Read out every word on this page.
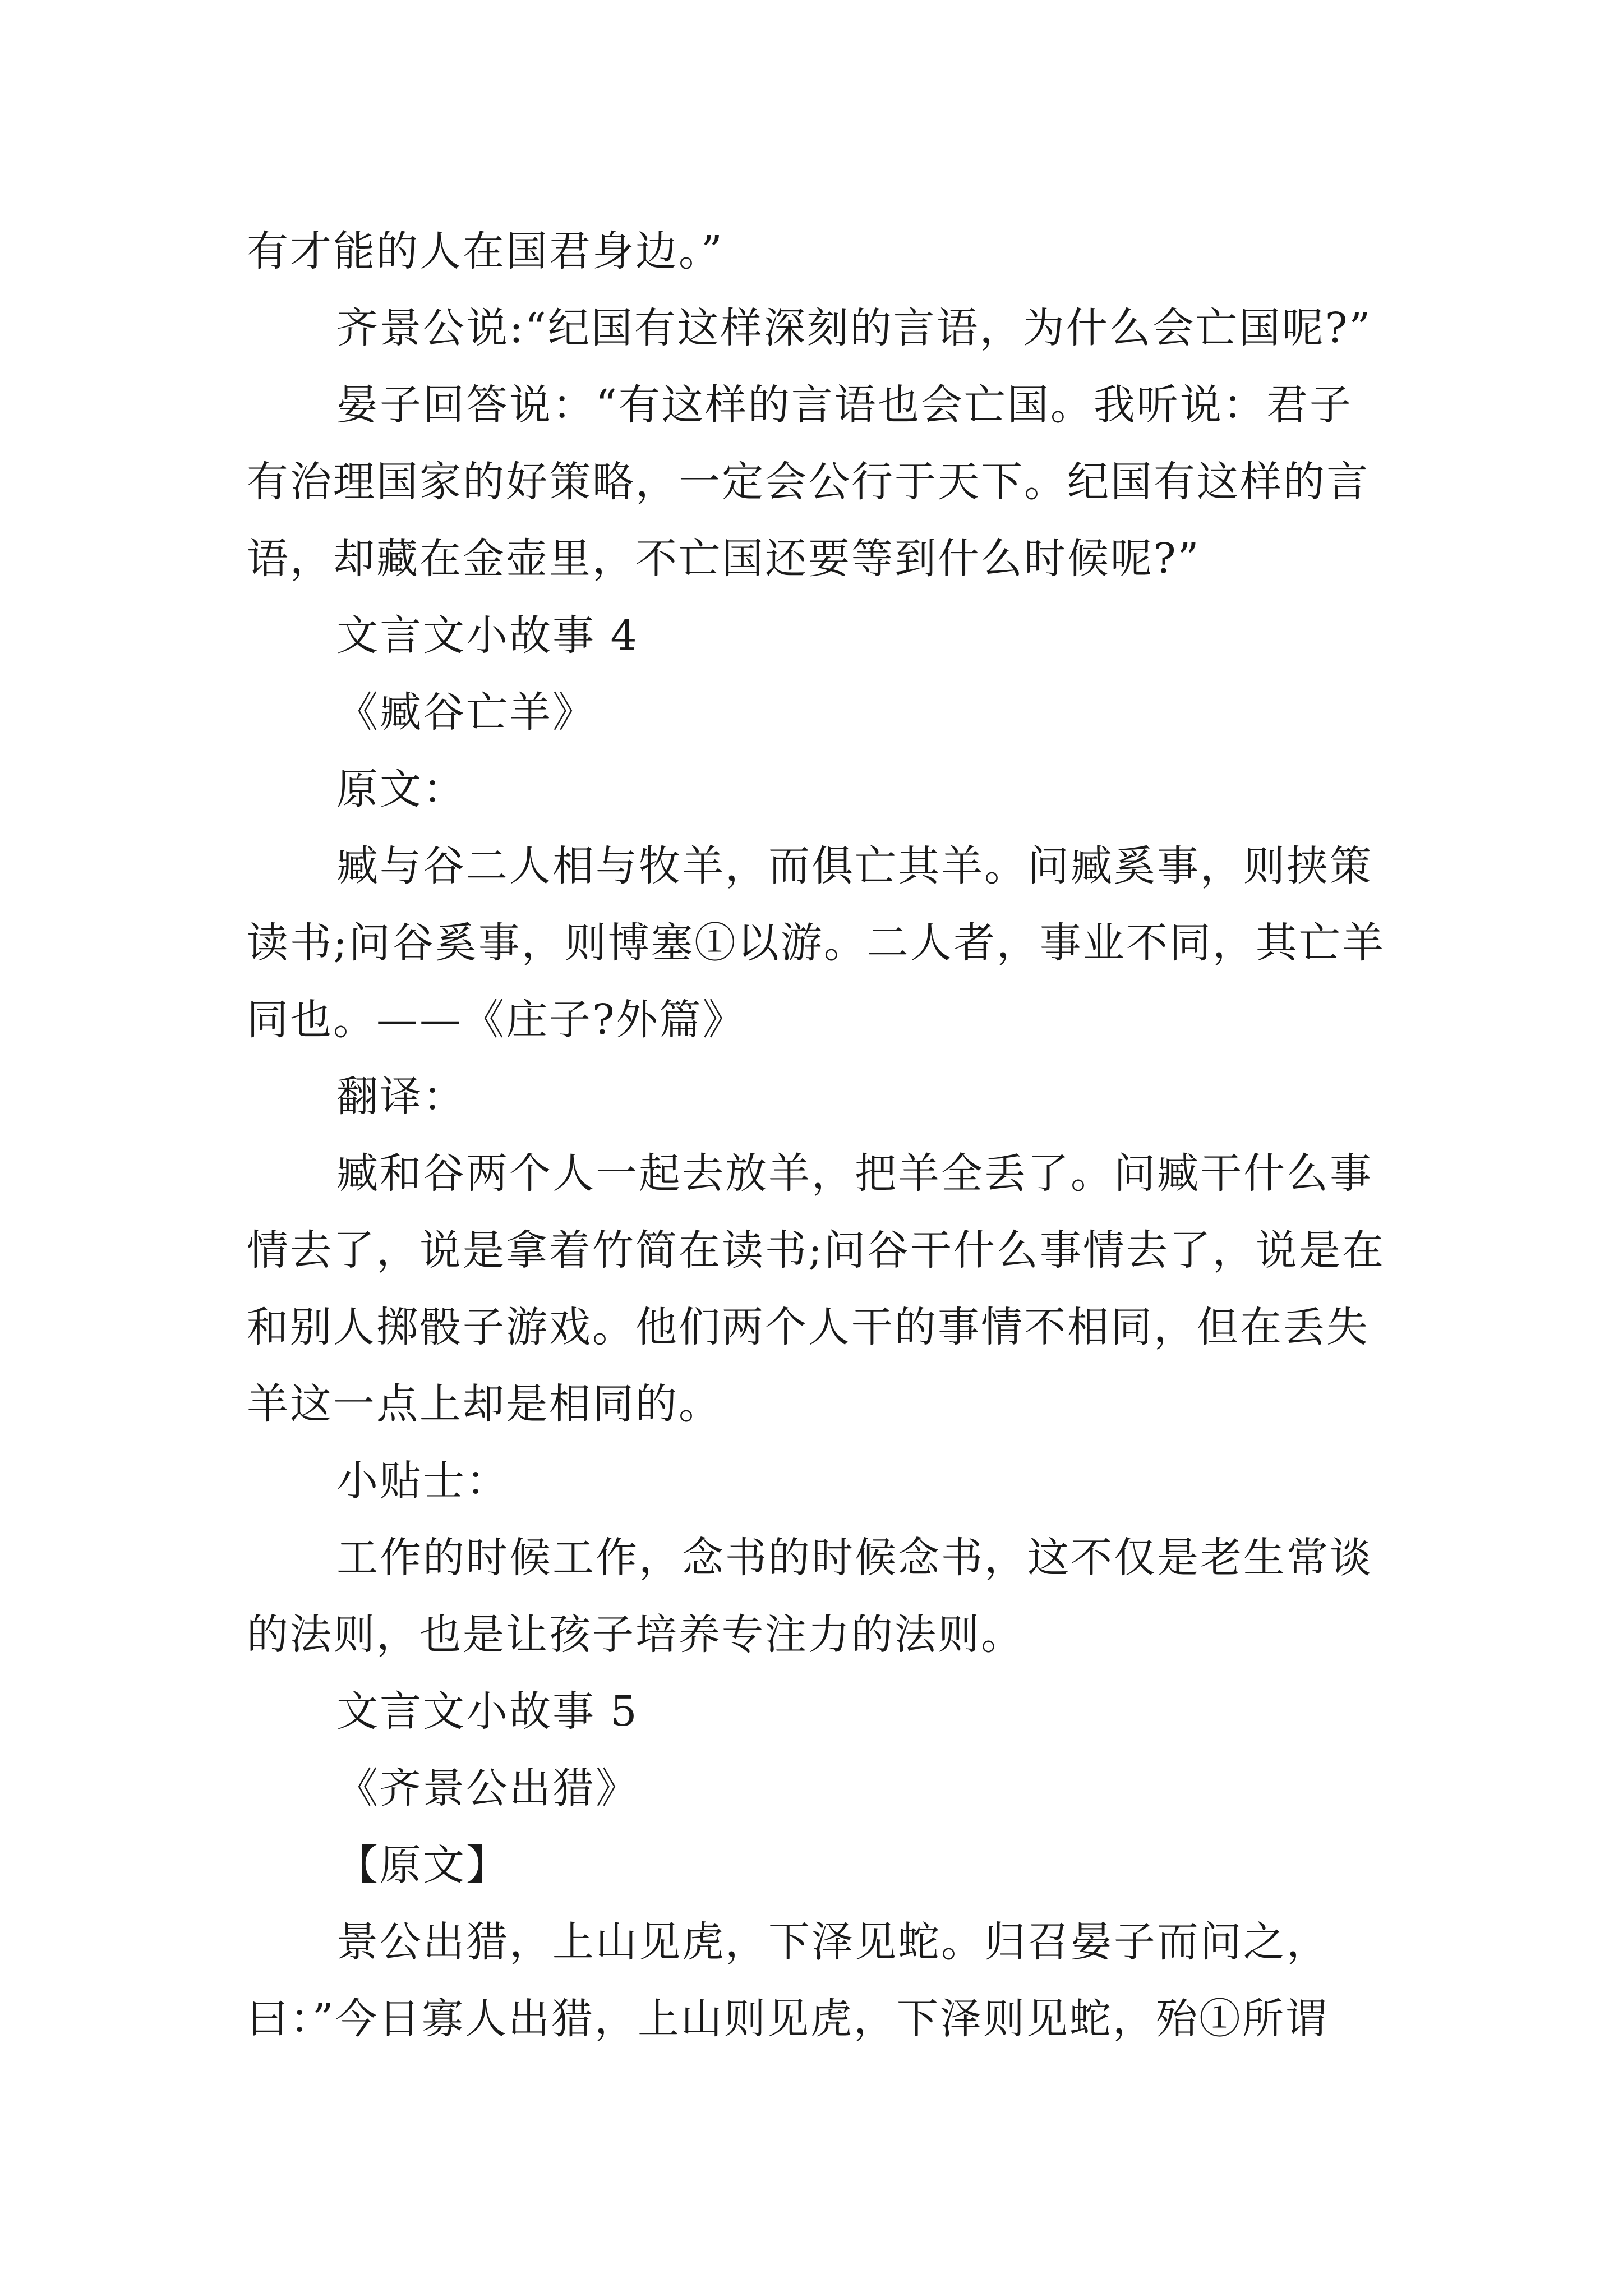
有才能的人在国君身边。”

齐景公说:“纪国有这样深刻的言语，为什么会亡国呢?”

晏子回答说：“有这样的言语也会亡国。我听说：君子有治理国家的好策略，一定会公行于天下。纪国有这样的言语，却藏在金壶里，不亡国还要等到什么时候呢?”

文言文小故事 4

《臧谷亡羊》

原文：

臧与谷二人相与牧羊，而俱亡其羊。问臧奚事，则挟策读书;问谷奚事，则博塞①以游。二人者，事业不同，其亡羊同也。——《庄子?外篇》

翻译：

臧和谷两个人一起去放羊，把羊全丢了。问臧干什么事情去了，说是拿着竹简在读书;问谷干什么事情去了，说是在和别人掷骰子游戏。他们两个人干的事情不相同，但在丢失羊这一点上却是相同的。

小贴士：

工作的时候工作，念书的时候念书，这不仅是老生常谈的法则，也是让孩子培养专注力的法则。

文言文小故事 5

《齐景公出猎》

【原文】

景公出猎，上山见虎，下泽见蛇。归召晏子而问之，曰：”今日寡人出猎，上山则见虎，下泽则见蛇，殆①所谓
